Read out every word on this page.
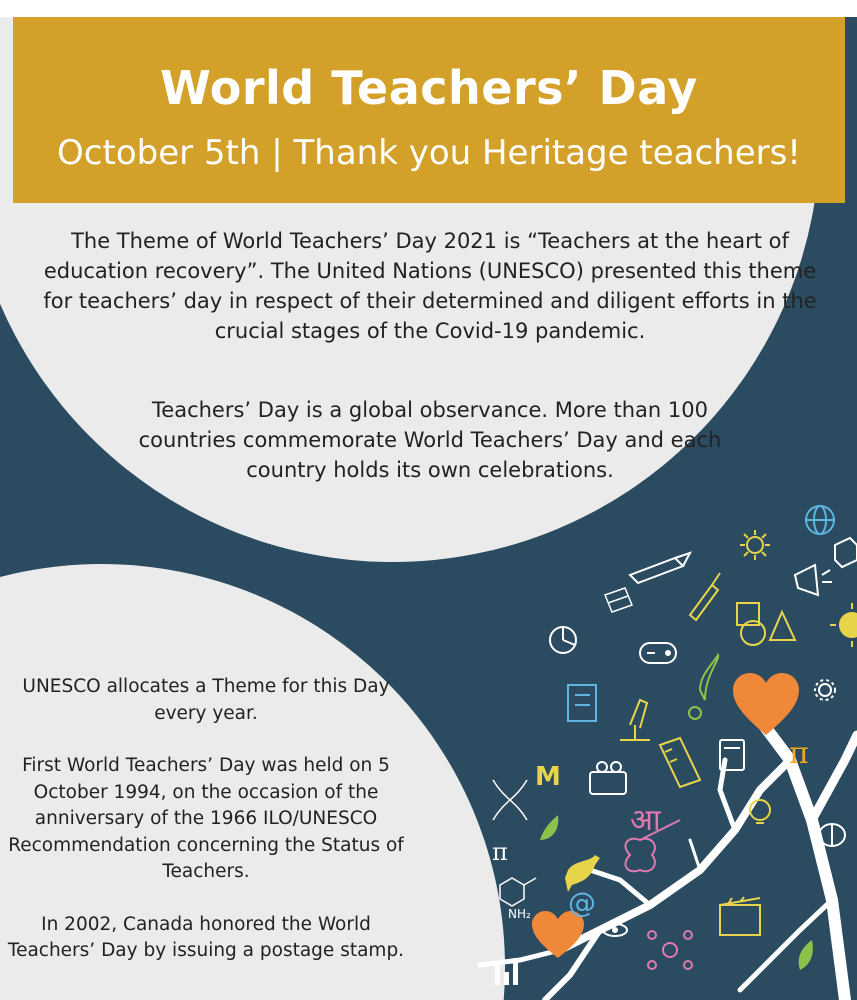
World Teachers’ Day
October 5th | Thank you Heritage teachers!
The Theme of World Teachers’ Day 2021 is “Teachers at the heart of education recovery”. The United Nations (UNESCO) presented this theme for teachers’ day in respect of their determined and diligent efforts in the crucial stages of the Covid-19 pandemic.
Teachers’ Day is a global observance. More than 100 countries commemorate World Teachers’ Day and each country holds its own celebrations.

UNESCO allocates a Theme for this Day every year.

First World Teachers’ Day was held on 5 October 1994, on the occasion of the anniversary of the 1966 ILO/UNESCO Recommendation concerning the Status of Teachers.

In 2002, Canada honored the World Teachers’ Day by issuing a postage stamp.

π
π
आ
@
NH₂
M
